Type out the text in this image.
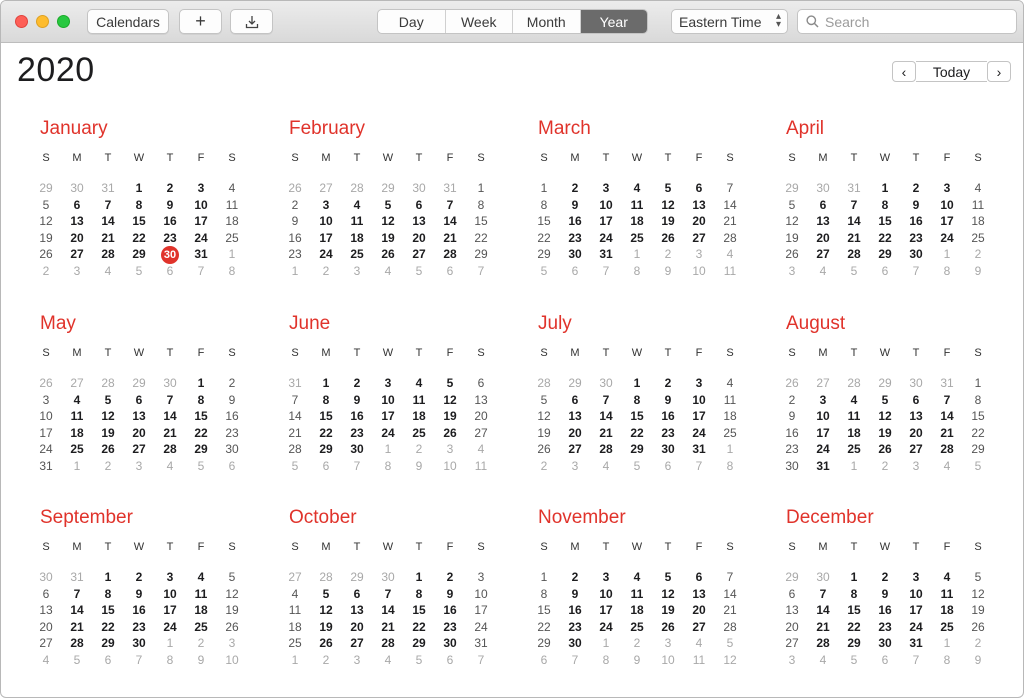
Calendars	+	Day	Week	Month	Year	Eastern Time ▴
▾
Search
2020	‹	Today	›
January
S	M	T	W	T	F	S
29	30	31	1	2	3	4
5	6	7	8	9	10	11
12	13	14	15	16	17	18
19	20	21	22	23	24	25
26	27	28	29	30	31	1
2	3	4	5	6	7	8
February
S	M	T	W	T	F	S
26	27	28	29	30	31	1
2	3	4	5	6	7	8
9	10	11	12	13	14	15
16	17	18	19	20	21	22
23	24	25	26	27	28	29
1	2	3	4	5	6	7
March
S	M	T	W	T	F	S
1	2	3	4	5	6	7
8	9	10	11	12	13	14
15	16	17	18	19	20	21
22	23	24	25	26	27	28
29	30	31	1	2	3	4
5	6	7	8	9	10	11
April
S	M	T	W	T	F	S
29	30	31	1	2	3	4
5	6	7	8	9	10	11
12	13	14	15	16	17	18
19	20	21	22	23	24	25
26	27	28	29	30	1	2
3	4	5	6	7	8	9
May
S	M	T	W	T	F	S
26	27	28	29	30	1	2
3	4	5	6	7	8	9
10	11	12	13	14	15	16
17	18	19	20	21	22	23
24	25	26	27	28	29	30
31	1	2	3	4	5	6
June
S	M	T	W	T	F	S
31	1	2	3	4	5	6
7	8	9	10	11	12	13
14	15	16	17	18	19	20
21	22	23	24	25	26	27
28	29	30	1	2	3	4
5	6	7	8	9	10	11
July
S	M	T	W	T	F	S
28	29	30	1	2	3	4
5	6	7	8	9	10	11
12	13	14	15	16	17	18
19	20	21	22	23	24	25
26	27	28	29	30	31	1
2	3	4	5	6	7	8
August
S	M	T	W	T	F	S
26	27	28	29	30	31	1
2	3	4	5	6	7	8
9	10	11	12	13	14	15
16	17	18	19	20	21	22
23	24	25	26	27	28	29
30	31	1	2	3	4	5
September
S	M	T	W	T	F	S
30	31	1	2	3	4	5
6	7	8	9	10	11	12
13	14	15	16	17	18	19
20	21	22	23	24	25	26
27	28	29	30	1	2	3
4	5	6	7	8	9	10
October
S	M	T	W	T	F	S
27	28	29	30	1	2	3
4	5	6	7	8	9	10
11	12	13	14	15	16	17
18	19	20	21	22	23	24
25	26	27	28	29	30	31
1	2	3	4	5	6	7
November
S	M	T	W	T	F	S
1	2	3	4	5	6	7
8	9	10	11	12	13	14
15	16	17	18	19	20	21
22	23	24	25	26	27	28
29	30	1	2	3	4	5
6	7	8	9	10	11	12
December
S	M	T	W	T	F	S
29	30	1	2	3	4	5
6	7	8	9	10	11	12
13	14	15	16	17	18	19
20	21	22	23	24	25	26
27	28	29	30	31	1	2
3	4	5	6	7	8	9
